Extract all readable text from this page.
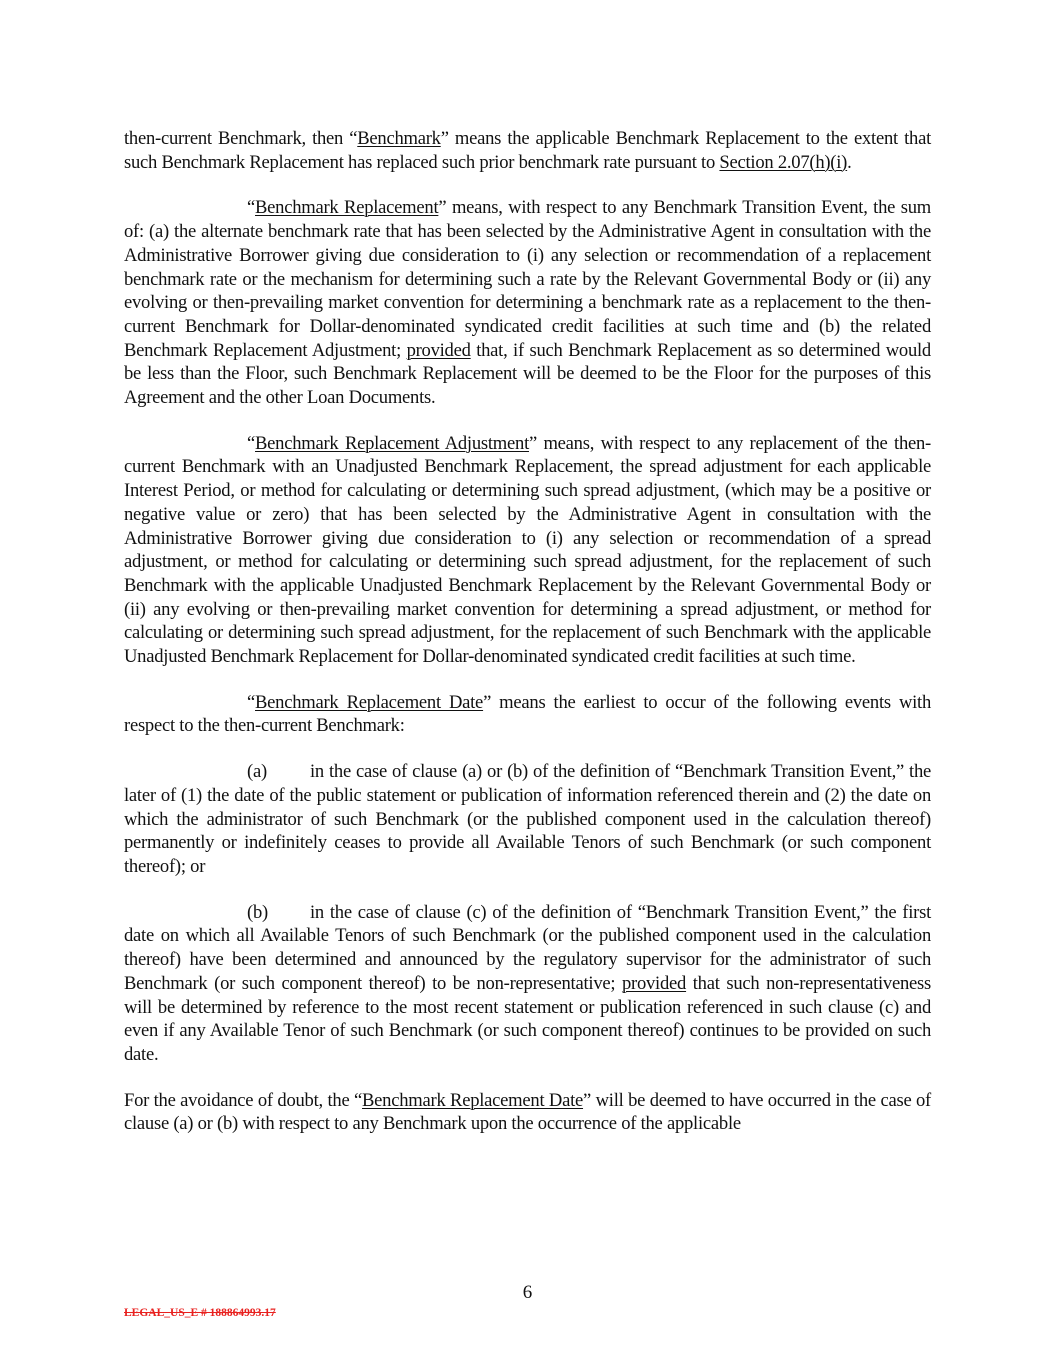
then-current Benchmark, then “Benchmark” means the applicable Benchmark Replacement to the extent that such Benchmark Replacement has replaced such prior benchmark rate pursuant to Section 2.07(h)(i).

“Benchmark Replacement” means, with respect to any Benchmark Transition Event, the sum of: (a) the alternate benchmark rate that has been selected by the Administrative Agent in consultation with the Administrative Borrower giving due consideration to (i) any selection or recommendation of a replacement benchmark rate or the mechanism for determining such a rate by the Relevant Governmental Body or (ii) any evolving or then-prevailing market convention for determining a benchmark rate as a replacement to the then-current Benchmark for Dollar-denominated syndicated credit facilities at such time and (b) the related Benchmark Replacement Adjustment; provided that, if such Benchmark Replacement as so determined would be less than the Floor, such Benchmark Replacement will be deemed to be the Floor for the purposes of this Agreement and the other Loan Documents.

“Benchmark Replacement Adjustment” means, with respect to any replacement of the then-current Benchmark with an Unadjusted Benchmark Replacement, the spread adjustment for each applicable Interest Period, or method for calculating or determining such spread adjustment, (which may be a positive or negative value or zero) that has been selected by the Administrative Agent in consultation with the Administrative Borrower giving due consideration to (i) any selection or recommendation of a spread adjustment, or method for calculating or determining such spread adjustment, for the replacement of such Benchmark with the applicable Unadjusted Benchmark Replacement by the Relevant Governmental Body or (ii) any evolving or then-prevailing market convention for determining a spread adjustment, or method for calculating or determining such spread adjustment, for the replacement of such Benchmark with the applicable Unadjusted Benchmark Replacement for Dollar-denominated syndicated credit facilities at such time.

“Benchmark Replacement Date” means the earliest to occur of the following events with respect to the then-current Benchmark:

(a) in the case of clause (a) or (b) of the definition of “Benchmark Transition Event,” the later of (1) the date of the public statement or publication of information referenced therein and (2) the date on which the administrator of such Benchmark (or the published component used in the calculation thereof) permanently or indefinitely ceases to provide all Available Tenors of such Benchmark (or such component thereof); or

(b) in the case of clause (c) of the definition of “Benchmark Transition Event,” the first date on which all Available Tenors of such Benchmark (or the published component used in the calculation thereof) have been determined and announced by the regulatory supervisor for the administrator of such Benchmark (or such component thereof) to be non-representative; provided that such non-representativeness will be determined by reference to the most recent statement or publication referenced in such clause (c) and even if any Available Tenor of such Benchmark (or such component thereof) continues to be provided on such date.

For the avoidance of doubt, the “Benchmark Replacement Date” will be deemed to have occurred in the case of clause (a) or (b) with respect to any Benchmark upon the occurrence of the applicable

6
LEGAL_US_E # 188864993.17
